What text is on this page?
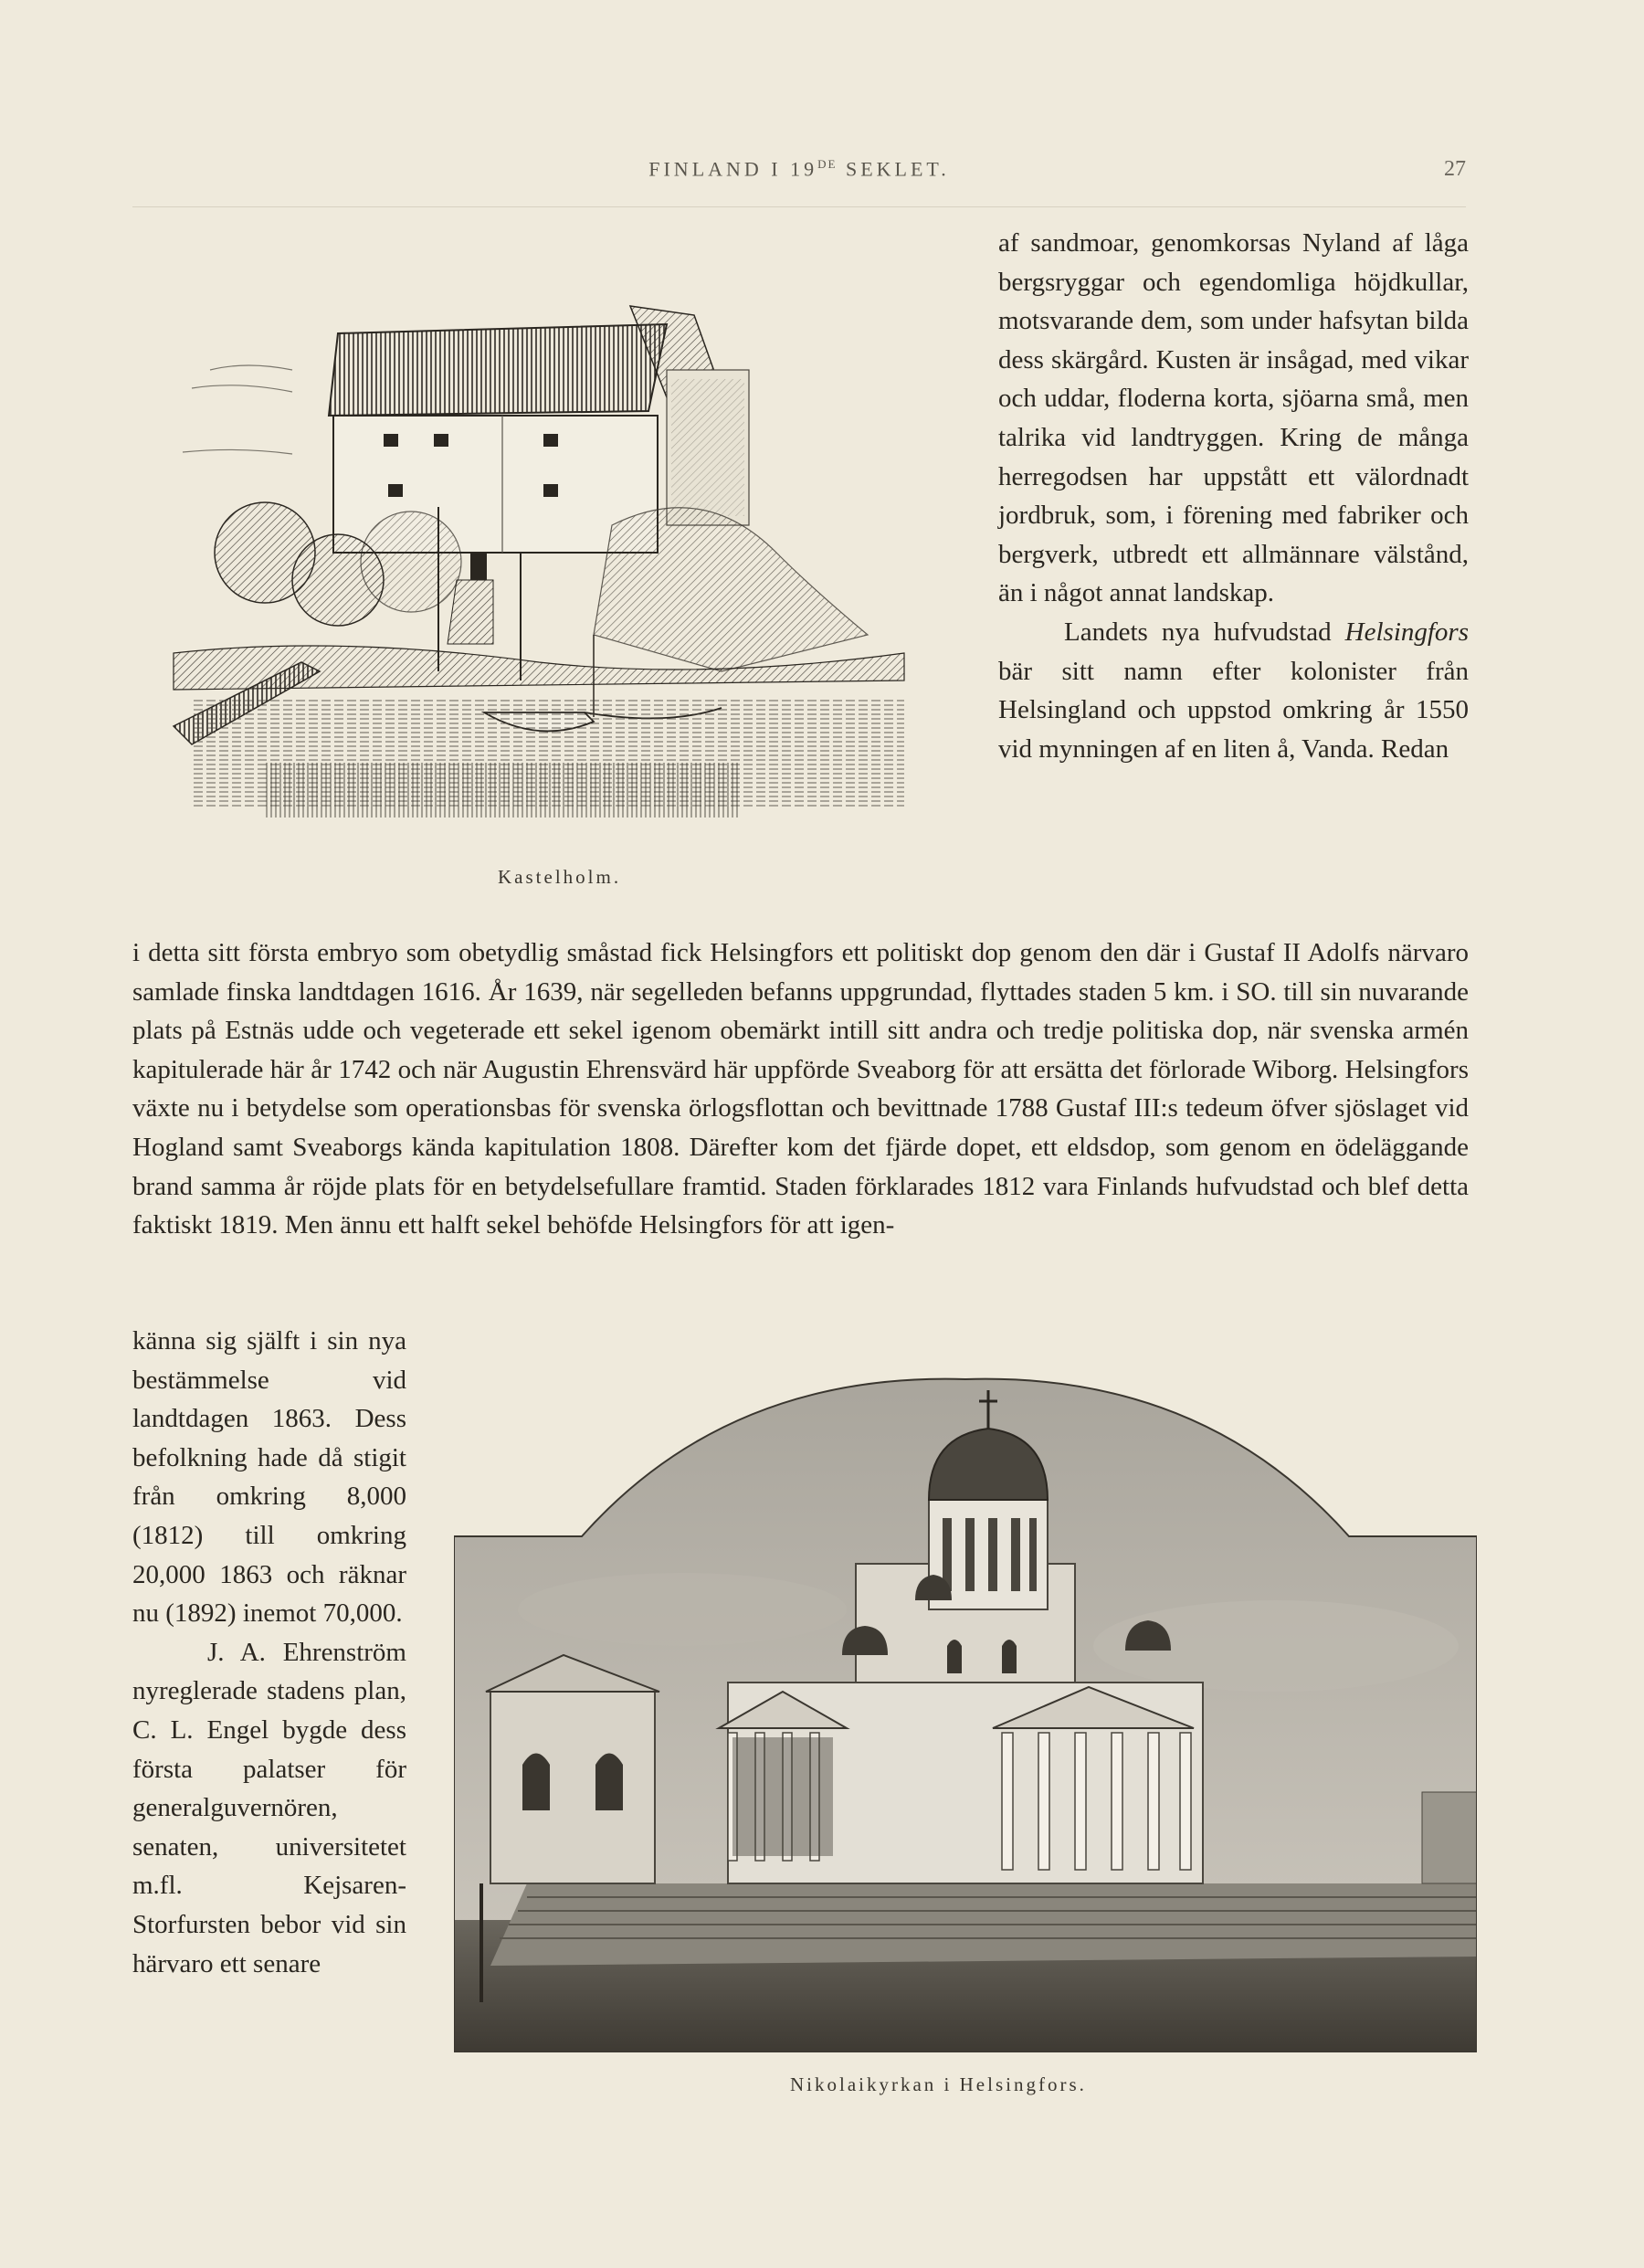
FINLAND I 19DE SEKLET.	27
Kastelholm.

af sandmoar, genomkorsas Nyland af låga bergsryggar och egendomliga höjdkullar, motsvarande dem, som under hafsytan bilda dess skärgård. Kusten är insågad, med vikar och uddar, floderna korta, sjöarna små, men talrika vid landtryggen. Kring de många herregodsen har uppstått ett välordnadt jordbruk, som, i förening med fabriker och bergverk, utbredt ett allmännare välstånd, än i något annat landskap.

Landets nya hufvudstad Helsingfors bär sitt namn efter kolonister från Helsingland och uppstod omkring år 1550 vid mynningen af en liten å, Vanda. Redan

i detta sitt första embryo som obetydlig småstad fick Helsingfors ett politiskt dop genom den där i Gustaf II Adolfs närvaro samlade finska landtdagen 1616. År 1639, när segelleden befanns uppgrundad, flyttades staden 5 km. i SO. till sin nuvarande plats på Estnäs udde och vegeterade ett sekel igenom obemärkt intill sitt andra och tredje politiska dop, när svenska armén kapitulerade här år 1742 och när Augustin Ehrensvärd här uppförde Sveaborg för att ersätta det förlorade Wiborg. Helsingfors växte nu i betydelse som operationsbas för svenska örlogsflottan och bevittnade 1788 Gustaf III:s tedeum öfver sjöslaget vid Hogland samt Sveaborgs kända kapitulation 1808. Därefter kom det fjärde dopet, ett eldsdop, som genom en ödeläggande brand samma år röjde plats för en betydelsefullare framtid. Staden förklarades 1812 vara Finlands hufvudstad och blef detta faktiskt 1819. Men ännu ett halft sekel behöfde Helsingfors för att igen-

känna sig själft i sin nya bestämmelse vid landtdagen 1863. Dess befolkning hade då stigit från omkring 8,000 (1812) till omkring 20,000 1863 och räknar nu (1892) inemot 70,000.

J. A. Ehrenström nyreglerade stadens plan, C. L. Engel bygde dess första palatser för generalguvernören, senaten, universitetet m.fl. Kejsaren-Storfursten bebor vid sin härvaro ett senare

Nikolaikyrkan i Helsingfors.
